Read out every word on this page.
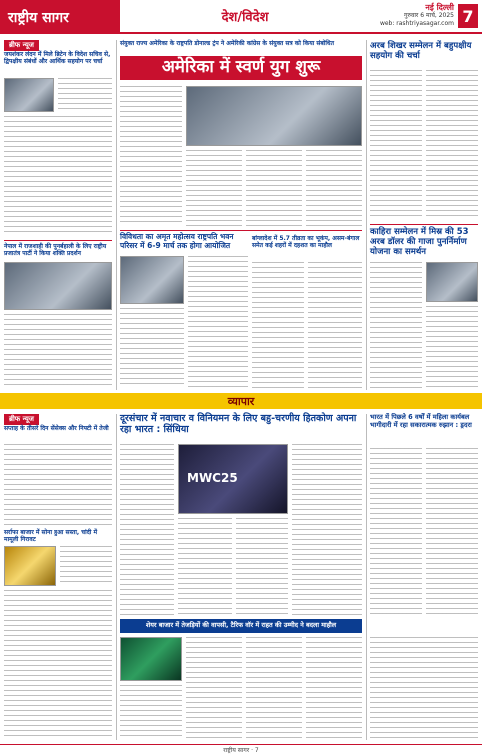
राष्ट्रीय सागर	देश/विदेश
नई दिल्ली
गुरुवार 6 मार्च, 2025
web: rashtriyasagar.com 7
ब्रीफ न्यूज
जयशंकर लंदन में मिले ब्रिटेन के विदेश सचिव से, द्विपक्षीय संबंधों और आर्थिक सहयोग पर चर्चा
नेपाल में राजशाही की पुनर्बहाली के लिए राष्ट्रीय प्रजातंत्र पार्टी ने किया शक्ति प्रदर्शन
संयुक्त राज्य अमेरिका के राष्ट्रपति डोनाल्ड ट्रंप ने अमेरिकी कांग्रेस के संयुक्त सत्र को किया संबोधित
अमेरिका में स्वर्ण युग शुरू
विविधता का अमृत महोत्सव राष्ट्रपति भवन परिसर में 6-9 मार्च तक होगा आयोजित
बांग्लादेश में 5.7 तीव्रता का भूकंप, असम-बंगाल समेत कई शहरों में दहशत का माहौल
अरब शिखर सम्मेलन में बहुपक्षीय सहयोग की चर्चा
काहिरा सम्मेलन में मिस्र की 53 अरब डॉलर की गाजा पुनर्निर्माण योजना का समर्थन
व्यापार
ब्रीफ न्यूज
सप्ताह के तीसरे दिन सेंसेक्स और निफ्टी में तेजी
सर्राफा बाजार में सोना हुआ सस्ता, चांदी में मामूली गिरावट
दूरसंचार में नवाचार व विनियमन के लिए बहु-चरणीय हितकोण अपना रहा भारत : सिंधिया
MWC25
शेयर बाजार में तेजड़ियों की वापसी, टैरिफ वॉर में राहत की उम्मीद ने बदला माहौल
भारत में पिछले 6 वर्षों में महिला कार्यबल भागीदारी में रहा सकारात्मक रुझान : ड्रदरा
राष्ट्रीय सागर · 7
